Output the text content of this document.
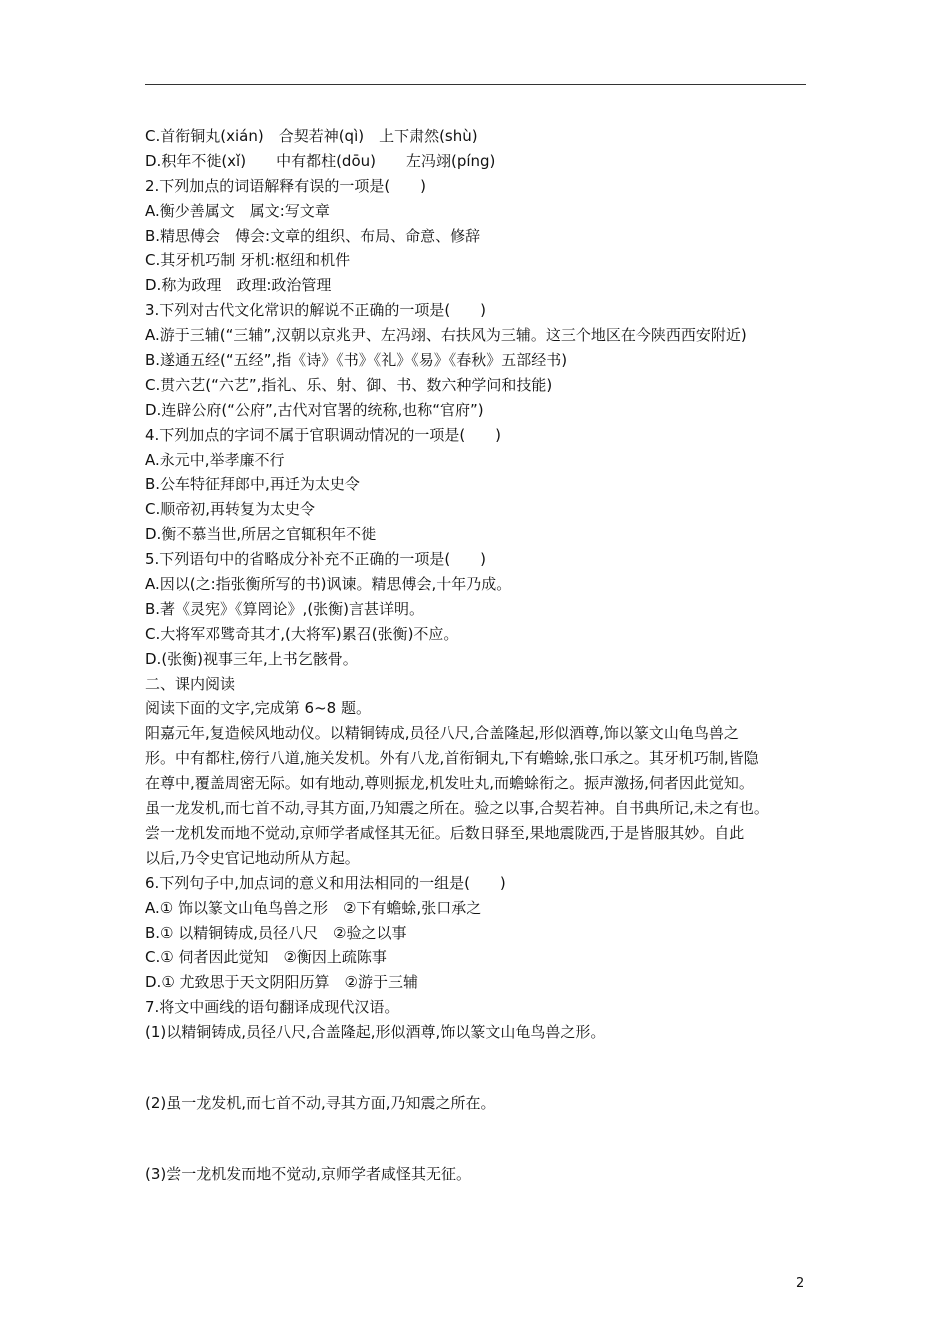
C.首衔铜丸(xián)　合契若神(qì)　上下肃然(shù)
D.积年不徙(xǐ)　　中有都柱(dōu)　　左冯翊(píng)
2.下列加点的词语解释有误的一项是(　　)
A.衡少善属文　属文:写文章
B.精思傅会　傅会:文章的组织、布局、命意、修辞
C.其牙机巧制 牙机:枢纽和机件
D.称为政理　政理:政治管理
3.下列对古代文化常识的解说不正确的一项是(　　)
A.游于三辅(“三辅”,汉朝以京兆尹、左冯翊、右扶风为三辅。这三个地区在今陕西西安附近)
B.遂通五经(“五经”,指《诗》《书》《礼》《易》《春秋》五部经书)
C.贯六艺(“六艺”,指礼、乐、射、御、书、数六种学问和技能)
D.连辟公府(“公府”,古代对官署的统称,也称“官府”)
4.下列加点的字词不属于官职调动情况的一项是(　　)
A.永元中,举孝廉不行
B.公车特征拜郎中,再迁为太史令
C.顺帝初,再转复为太史令
D.衡不慕当世,所居之官辄积年不徙
5.下列语句中的省略成分补充不正确的一项是(　　)
A.因以(之:指张衡所写的书)讽谏。精思傅会,十年乃成。
B.著《灵宪》《算罔论》,(张衡)言甚详明。
C.大将军邓骘奇其才,(大将军)累召(张衡)不应。
D.(张衡)视事三年,上书乞骸骨。
二、课内阅读
阅读下面的文字,完成第 6~8 题。
阳嘉元年,复造候风地动仪。以精铜铸成,员径八尺,合盖隆起,形似酒尊,饰以篆文山龟鸟兽之
形。中有都柱,傍行八道,施关发机。外有八龙,首衔铜丸,下有蟾蜍,张口承之。其牙机巧制,皆隐
在尊中,覆盖周密无际。如有地动,尊则振龙,机发吐丸,而蟾蜍衔之。振声激扬,伺者因此觉知。
虽一龙发机,而七首不动,寻其方面,乃知震之所在。验之以事,合契若神。自书典所记,未之有也。
尝一龙机发而地不觉动,京师学者咸怪其无征。后数日驿至,果地震陇西,于是皆服其妙。自此
以后,乃令史官记地动所从方起。
6.下列句子中,加点词的意义和用法相同的一组是(　　)
A.① 饰以篆文山龟鸟兽之形　②下有蟾蜍,张口承之
B.① 以精铜铸成,员径八尺　②验之以事
C.① 伺者因此觉知　②衡因上疏陈事
D.① 尤致思于天文阴阳历算　②游于三辅
7.将文中画线的语句翻译成现代汉语。
(1)以精铜铸成,员径八尺,合盖隆起,形似酒尊,饰以篆文山龟鸟兽之形。
(2)虽一龙发机,而七首不动,寻其方面,乃知震之所在。
(3)尝一龙机发而地不觉动,京师学者咸怪其无征。
2
